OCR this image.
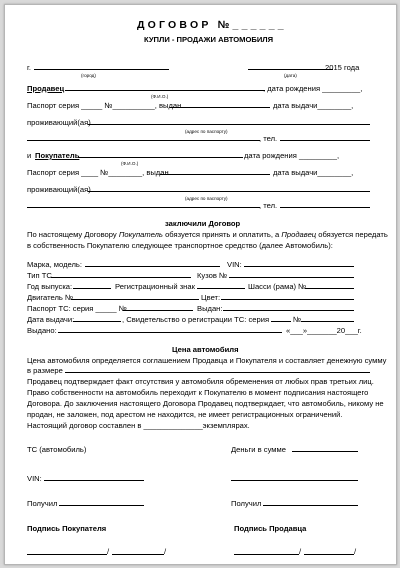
ДОГОВОР №______
КУПЛИ - ПРОДАЖИ АВТОМОБИЛЯ
г.
(город)
2015 года
(дата)
Продавец	, дата рождения _________,
(Ф.И.О.)
Паспорт серия _____ №__________, выдан	дата выдачи________,
проживающий(ая)
(адрес по паспорту)
, тел.
и Покупатель	дата рождения _________,
(Ф.И.О.)
Паспорт серия ____ №________, выдан	дата выдачи________,
проживающий(ая)
(адрес по паспорту)
, тел.
заключили Договор
По настоящему Договору Покупатель обязуется принять и оплатить, а Продавец обязуется передать
в собственность Покупателю следующее транспортное средство (далее Автомобиль):
Марка, модель:	VIN:
Тип ТС	Кузов №
Год выпуска:	Регистрационный знак	Шасси (рама) №
Двигатель №	Цвет:
Паспорт ТС: серия _____ №	Выдан:
Дата выдачи:	, Свидетельство о регистрации ТС: серия	№
Выдано:	«___»_______20___г.
Цена автомобиля
Цена автомобиля определяется соглашением Продавца и Покупателя и составляет денежную сумму
в размере
Продавец подтверждает факт отсутствия у автомобиля обременения от любых прав третьих лиц.
Право собственности на автомобиль переходит к Покупателю в момент подписания настоящего
Договора. До заключения настоящего Договора Продавец подтверждает, что автомобиль, никому не
продан, не заложен, под арестом не находится, не имеет регистрационных ограничений.
Настоящий договор составлен в ______________экземплярах.
ТС (автомобиль)	Деньги в сумме
VIN:
Получил	Получил
Подпись Покупателя	Подпись Продавца
/	/	/	/
